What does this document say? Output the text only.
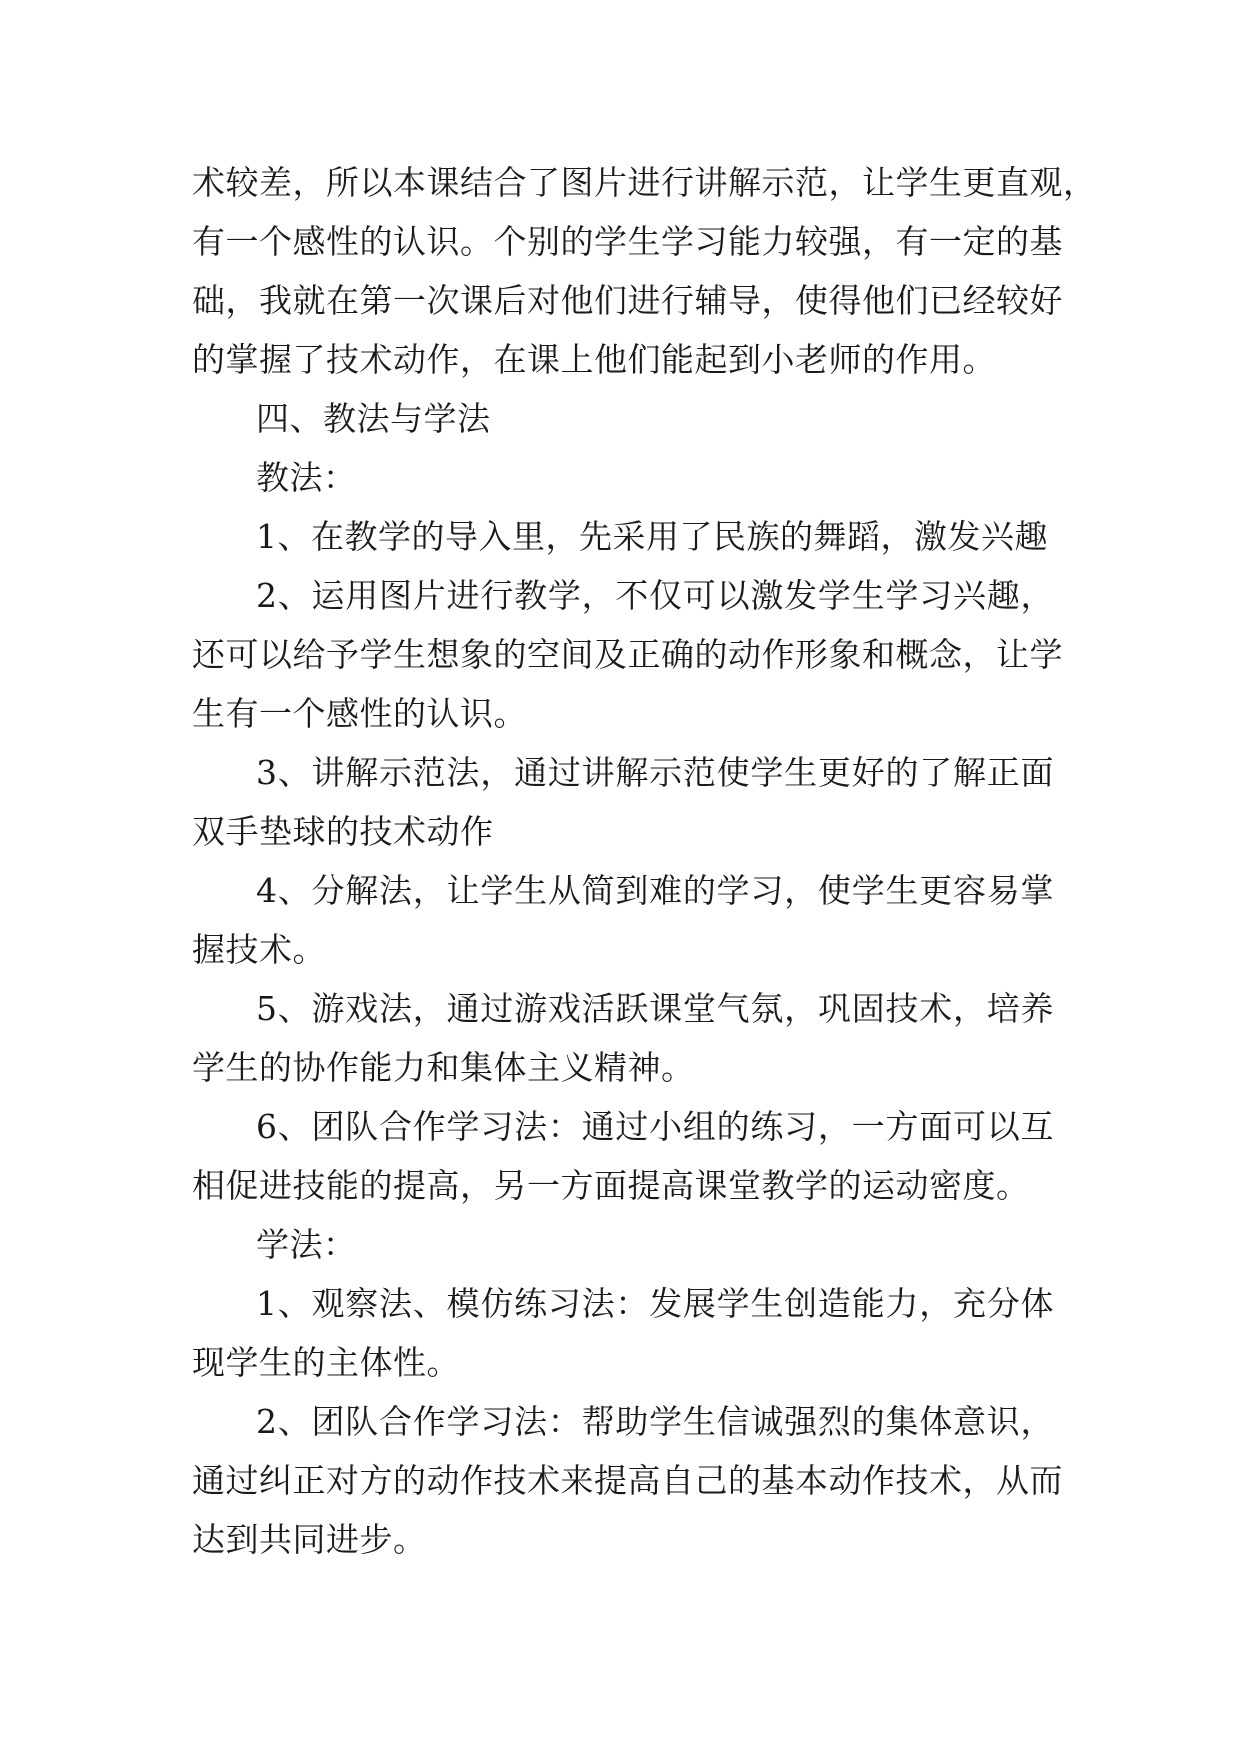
术较差，所以本课结合了图片进行讲解示范，让学生更直观，
有一个感性的认识。个别的学生学习能力较强，有一定的基
础，我就在第一次课后对他们进行辅导，使得他们已经较好
的掌握了技术动作，在课上他们能起到小老师的作用。
四、教法与学法
教法：
1、在教学的导入里，先采用了民族的舞蹈，激发兴趣
2、运用图片进行教学，不仅可以激发学生学习兴趣，
还可以给予学生想象的空间及正确的动作形象和概念，让学
生有一个感性的认识。
3、讲解示范法，通过讲解示范使学生更好的了解正面
双手垫球的技术动作
4、分解法，让学生从简到难的学习，使学生更容易掌
握技术。
5、游戏法，通过游戏活跃课堂气氛，巩固技术，培养
学生的协作能力和集体主义精神。
6、团队合作学习法：通过小组的练习，一方面可以互
相促进技能的提高，另一方面提高课堂教学的运动密度。
学法：
1、观察法、模仿练习法：发展学生创造能力，充分体
现学生的主体性。
2、团队合作学习法：帮助学生信诚强烈的集体意识，
通过纠正对方的动作技术来提高自己的基本动作技术，从而
达到共同进步。
